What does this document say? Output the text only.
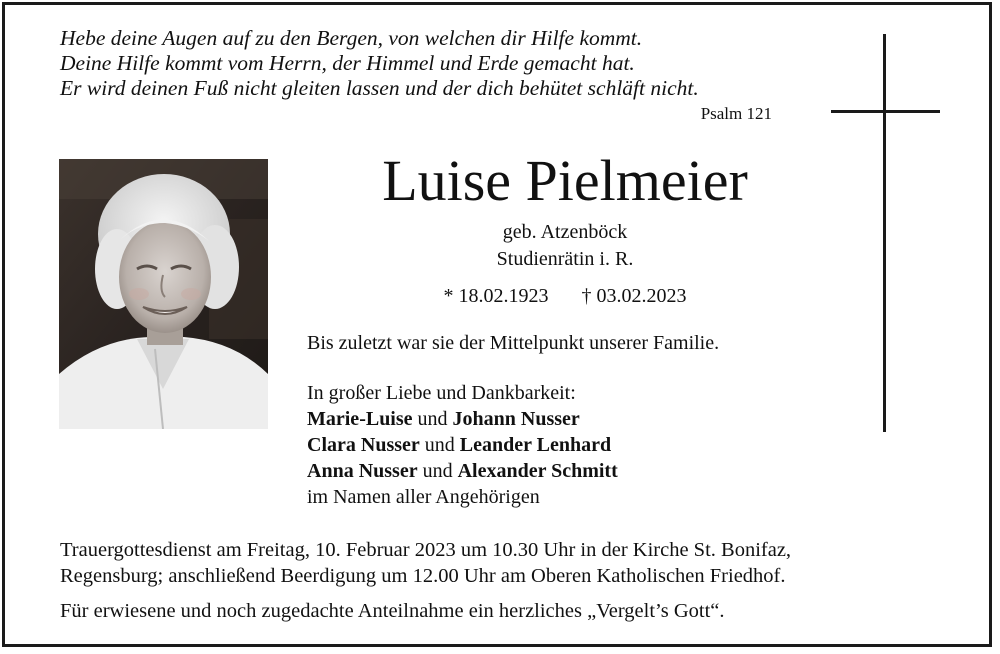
Hebe deine Augen auf zu den Bergen, von welchen dir Hilfe kommt.
Deine Hilfe kommt vom Herrn, der Himmel und Erde gemacht hat.
Er wird deinen Fuß nicht gleiten lassen und der dich behütet schläft nicht.
Psalm 121
Luise Pielmeier
geb. Atzenböck
Studienrätin i. R.
* 18.02.1923 † 03.02.2023
Bis zuletzt war sie der Mittelpunkt unserer Familie.
In großer Liebe und Dankbarkeit:
Marie-Luise und Johann Nusser
Clara Nusser und Leander Lenhard
Anna Nusser und Alexander Schmitt
im Namen aller Angehörigen
Trauergottesdienst am Freitag, 10. Februar 2023 um 10.30 Uhr in der Kirche St. Bonifaz,
Regensburg; anschließend Beerdigung um 12.00 Uhr am Oberen Katholischen Friedhof.
Für erwiesene und noch zugedachte Anteilnahme ein herzliches „Vergelt’s Gott“.
